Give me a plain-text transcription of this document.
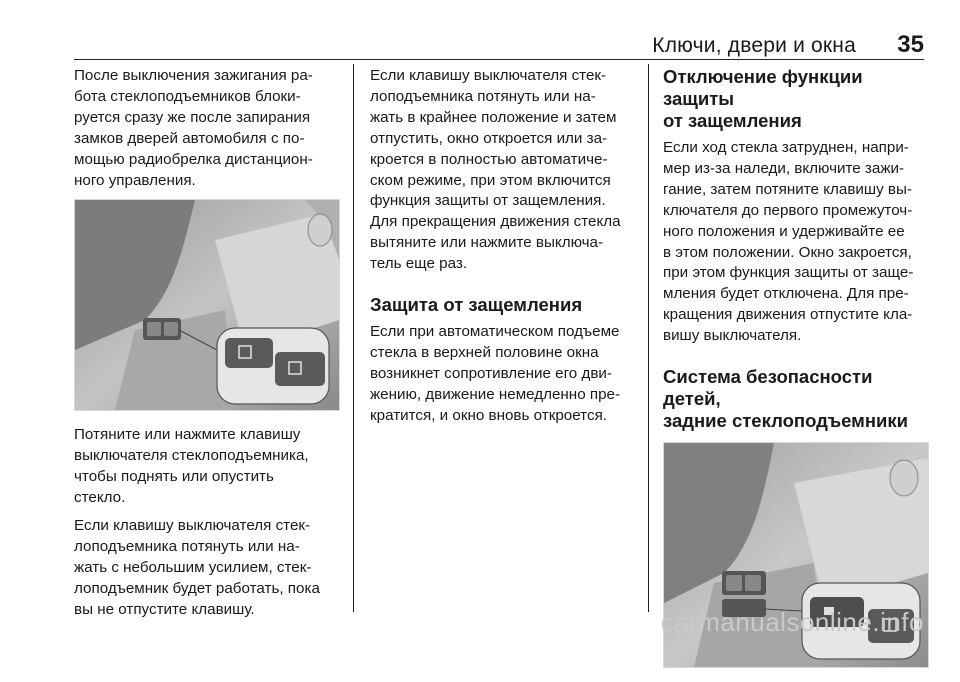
Ключи, двери и окна 35

После выключения зажигания ра-
бота стеклоподъемников блоки-
руется сразу же после запирания
замков дверей автомобиля с по-
мощью радиобрелка дистанцион-
ного управления.

Потяните или нажмите клавишу
выключателя стеклоподъемника,
чтобы поднять или опустить
стекло.

Если клавишу выключателя стек-
лоподъемника потянуть или на-
жать с небольшим усилием, стек-
лоподъемник будет работать, пока
вы не отпустите клавишу.

Если клавишу выключателя стек-
лоподъемника потянуть или на-
жать в крайнее положение и затем
отпустить, окно откроется или за-
кроется в полностью автоматиче-
ском режиме, при этом включится
функция защиты от защемления.
Для прекращения движения стекла
вытяните или нажмите выключа-
тель еще раз.

Защита от защемления

Если при автоматическом подъеме
стекла в верхней половине окна
возникнет сопротивление его дви-
жению, движение немедленно пре-
кратится, и окно вновь откроется.

Отключение функции защиты
от защемления

Если ход стекла затруднен, напри-
мер из-за наледи, включите зажи-
гание, затем потяните клавишу вы-
ключателя до первого промежуточ-
ного положения и удерживайте ее
в этом положении. Окно закроется,
при этом функция защиты от защe-
мления будет отключена. Для пре-
кращения движения отпустите кла-
вишу выключателя.

Система безопасности детей,
задние стеклоподъемники
carmanualsonline.info
